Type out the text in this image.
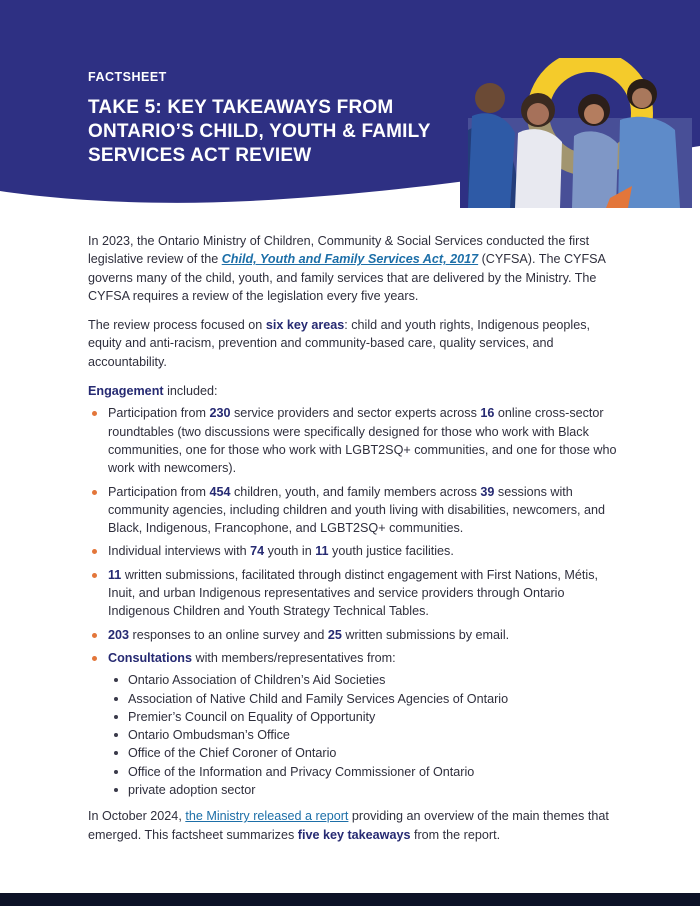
FACTSHEET
TAKE 5: KEY TAKEAWAYS FROM ONTARIO’S CHILD, YOUTH & FAMILY SERVICES ACT REVIEW

In 2023, the Ontario Ministry of Children, Community & Social Services conducted the first legislative review of the Child, Youth and Family Services Act, 2017 (CYFSA). The CYFSA governs many of the child, youth, and family services that are delivered by the Ministry. The CYFSA requires a review of the legislation every five years.

The review process focused on six key areas: child and youth rights, Indigenous peoples, equity and anti-racism, prevention and community-based care, quality services, and accountability.

Engagement included:

Participation from 230 service providers and sector experts across 16 online cross-sector roundtables (two discussions were specifically designed for those who work with Black communities, one for those who work with LGBT2SQ+ communities, and one for those who work with newcomers).
Participation from 454 children, youth, and family members across 39 sessions with community agencies, including children and youth living with disabilities, newcomers, and Black, Indigenous, Francophone, and LGBT2SQ+ communities.
Individual interviews with 74 youth in 11 youth justice facilities.
11 written submissions, facilitated through distinct engagement with First Nations, Métis, Inuit, and urban Indigenous representatives and service providers through Ontario Indigenous Children and Youth Strategy Technical Tables.
203 responses to an online survey and 25 written submissions by email.
Consultations with members/representatives from:
Ontario Association of Children’s Aid Societies
Association of Native Child and Family Services Agencies of Ontario
Premier’s Council on Equality of Opportunity
Ontario Ombudsman’s Office
Office of the Chief Coroner of Ontario
Office of the Information and Privacy Commissioner of Ontario
private adoption sector

In October 2024, the Ministry released a report providing an overview of the main themes that emerged. This factsheet summarizes five key takeaways from the report.
